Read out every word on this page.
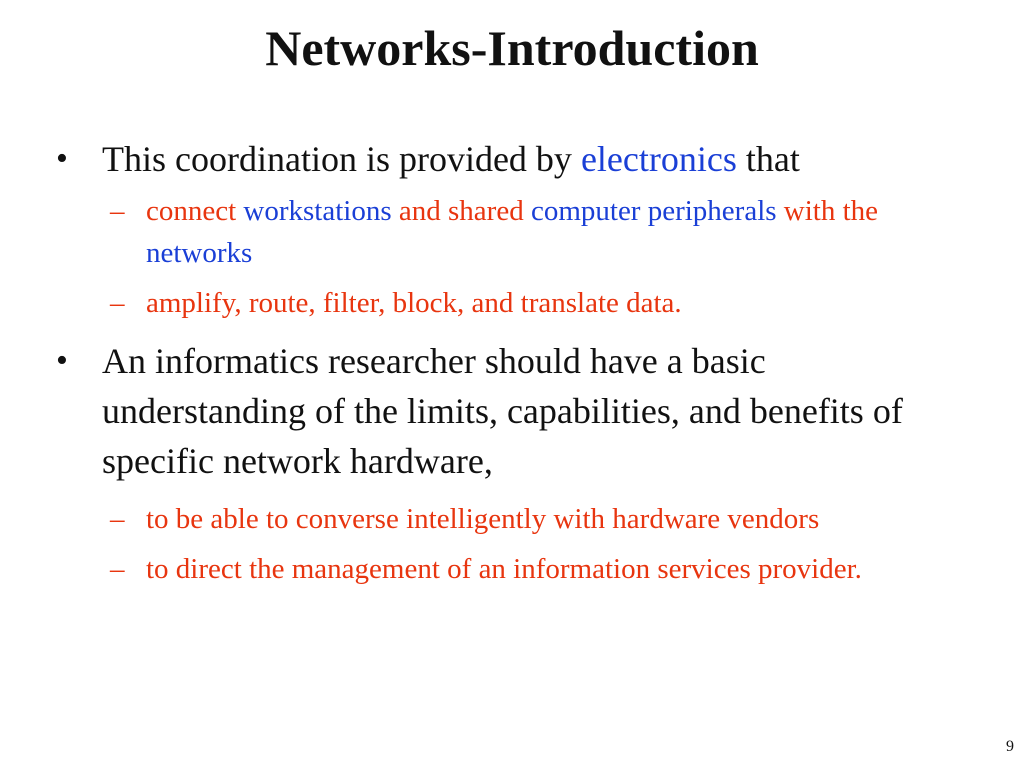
Networks-Introduction
• This coordination is provided by electronics that
– connect workstations and shared computer peripherals with the networks
– amplify, route, filter, block, and translate data.
• An informatics researcher should have a basic understanding of the limits, capabilities, and benefits of specific network hardware,
– to be able to converse intelligently with hardware vendors
– to direct the management of an information services provider.
9
